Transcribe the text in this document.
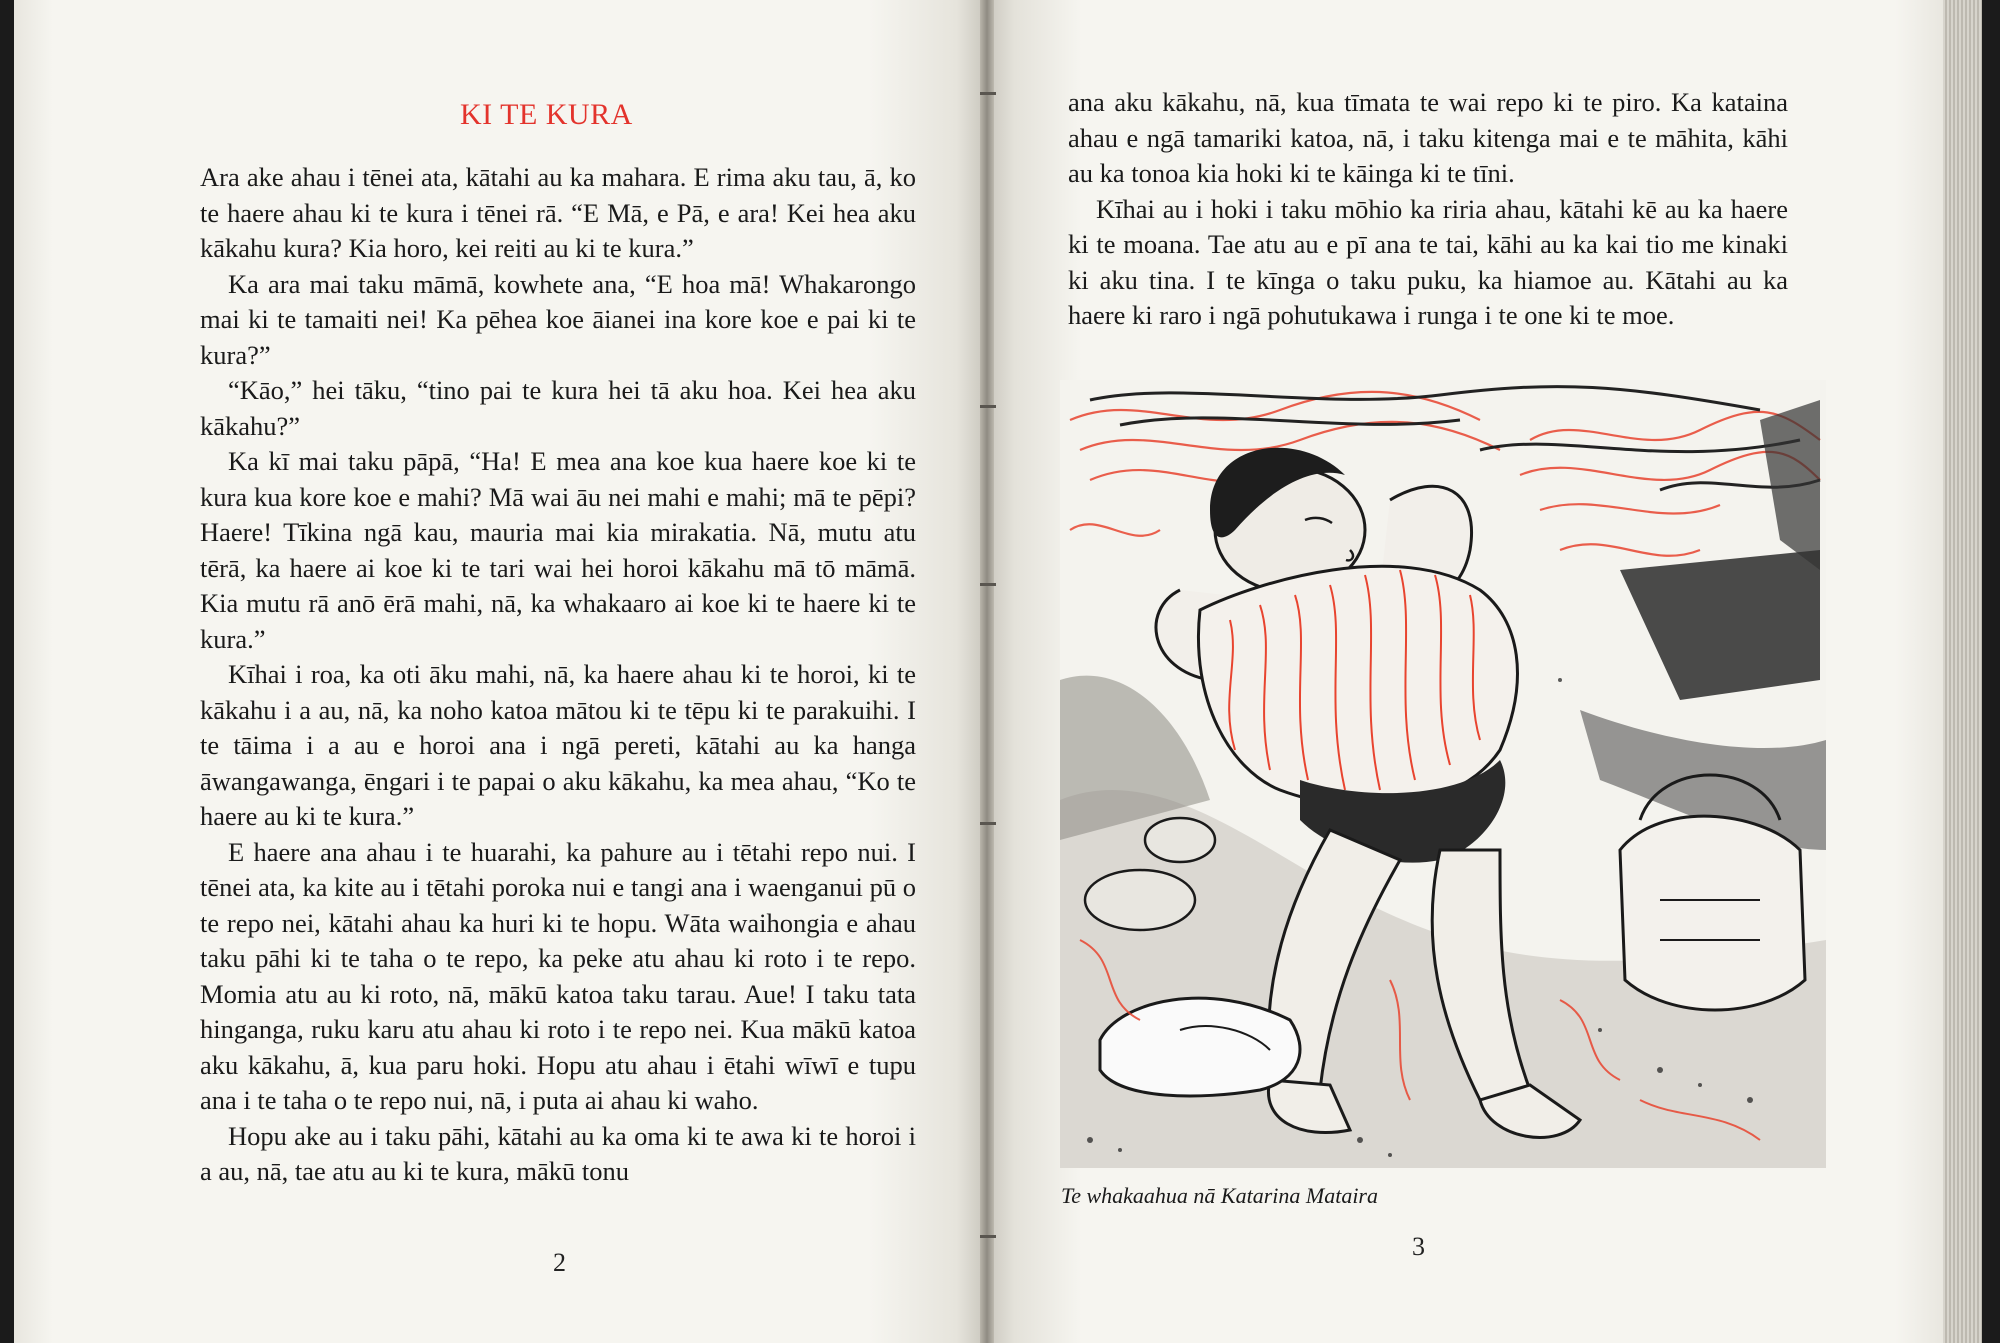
KI TE KURA

Ara ake ahau i tēnei ata, kātahi au ka mahara. E rima aku tau, ā, ko te haere ahau ki te kura i tēnei rā. “E Mā, e Pā, e ara! Kei hea aku kākahu kura? Kia horo, kei reiti au ki te kura.”

Ka ara mai taku māmā, kowhete ana, “E hoa mā! Whakarongo mai ki te tamaiti nei! Ka pēhea koe āianei ina kore koe e pai ki te kura?”

“Kāo,” hei tāku, “tino pai te kura hei tā aku hoa. Kei hea aku kākahu?”

Ka kī mai taku pāpā, “Ha! E mea ana koe kua haere koe ki te kura kua kore koe e mahi? Mā wai āu nei mahi e mahi; mā te pēpi? Haere! Tīkina ngā kau, mauria mai kia mirakatia. Nā, mutu atu tērā, ka haere ai koe ki te tari wai hei horoi kākahu mā tō māmā. Kia mutu rā anō ērā mahi, nā, ka whakaaro ai koe ki te haere ki te kura.”

Kīhai i roa, ka oti āku mahi, nā, ka haere ahau ki te horoi, ki te kākahu i a au, nā, ka noho katoa mātou ki te tēpu ki te parakuihi. I te tāima i a au e horoi ana i ngā pereti, kātahi au ka hanga āwangawanga, ēngari i te papai o aku kākahu, ka mea ahau, “Ko te haere au ki te kura.”

E haere ana ahau i te huarahi, ka pahure au i tētahi repo nui. I tēnei ata, ka kite au i tētahi poroka nui e tangi ana i waenganui pū o te repo nei, kātahi ahau ka huri ki te hopu. Wāta waihongia e ahau taku pāhi ki te taha o te repo, ka peke atu ahau ki roto i te repo. Momia atu au ki roto, nā, mākū katoa taku tarau. Aue! I taku tata hinganga, ruku karu atu ahau ki roto i te repo nei. Kua mākū katoa aku kākahu, ā, kua paru hoki. Hopu atu ahau i ētahi wīwī e tupu ana i te taha o te repo nui, nā, i puta ai ahau ki waho.

Hopu ake au i taku pāhi, kātahi au ka oma ki te awa ki te horoi i a au, nā, tae atu au ki te kura, mākū tonu

2

ana aku kākahu, nā, kua tīmata te wai repo ki te piro. Ka kataina ahau e ngā tamariki katoa, nā, i taku kitenga mai e te māhita, kāhi au ka tonoa kia hoki ki te kāinga ki te tīni.

Kīhai au i hoki i taku mōhio ka riria ahau, kātahi kē au ka haere ki te moana. Tae atu au e pī ana te tai, kāhi au ka kai tio me kinaki ki aku tina. I te kīnga o taku puku, ka hiamoe au. Kātahi au ka haere ki raro i ngā pohutukawa i runga i te one ki te moe.

Te whakaahua nā Katarina Mataira

3
